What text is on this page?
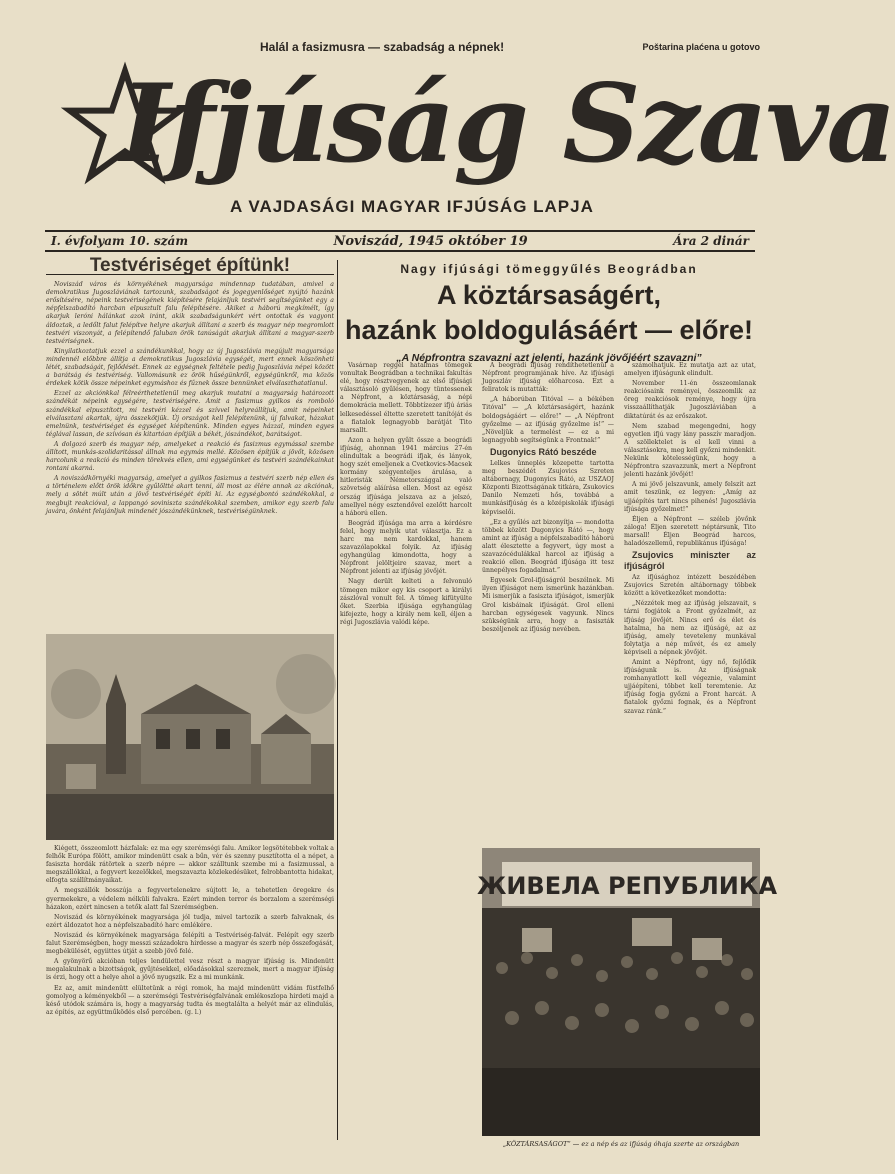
Halál a fasizmusra — szabadság a népnek!	Poštarina plaćena u gotovo
Ifjúság Szava
A VAJDASÁGI MAGYAR IFJÚSÁG LAPJA
I. évfolyam 10. szám	Noviszád, 1945 október 19	Ára 2 dinár
Testvériséget építünk!

Noviszád város és környékének magyarsága mindennap tudatában, amivel a demokratikus Jugoszláviának tartozunk, szabadságot és jogegyenlőséget nyújtó hazánk erősítésére, népeink testvériségének kiépítésére felajánljuk testvéri segítségünket egy a népfelszabadító harcban elpusztult falu felépítésére. Akiket a háború megkímélt, így akarjuk leróni hálánkat azok iránt, akik szabadságunkért vért ontottak és vagyont áldoztak, a ledőlt falut felépítve helyre akarjuk állítani a szerb és magyar nép megromlott testvéri viszonyát, a felépítendő faluban örök tanúságát akarjuk állítani a magyar-szerb testvériségnek.

Kinyilatkoztatjuk ezzel a szándékunkkal, hogy az új Jugoszlávia megújult magyarsága mindennél előbbre állítja a demokratikus Jugoszlávia egységét, mert ennek köszönheti létét, szabadságát, fejlődését. Ennek az egységnek feltétele pedig Jugoszlávia népei között a barátság és testvériség. Vallomásunk ez örök hűségünkről, egységünkről, ma közös érdekek kötik össze népeinket egymáshoz és fűznek össze bennünket elválaszthatatlanul.

Ezzel az akciónkkal félreérthetetlenül meg akarjuk mutatni a magyarság határozott szándékát népeink egységére, testvériségére. Amit a fasizmus gyilkos és romboló szándékkal elpusztított, mi testvéri kézzel és szívvel helyreállítjuk, amit népeinket elválasztani akartak, újra összekötjük. Új országot kell felépítenünk, új falvakat, házakat emelnünk, testvériséget és egységet kiépítenünk. Minden egyes házzal, minden egyes téglával lassan, de szívósan és kitartóan építjük a békét, jószándékot, barátságot.

A dolgozó szerb és magyar nép, amelyeket a reakció és fasizmus egymással szembe állított, munkás-szolidaritással állnak ma egymás mellé. Közösen építjük a jövőt, közösen harcolunk a reakció és minden törekvés ellen, ami egységünket és testvéri szándékainkat rontani akarná.

A noviszádkörnyéki magyarság, amelyet a gyilkos fasizmus a testvéri szerb nép ellen és a történelem előtt örök időkre gyűlöltté akart tenni, áll most az élére annak az akciónak, mely a sötét múlt után a jövő testvériségét építi ki. Az egységbontó szándékokkal, a megbujt reakcióval, a lappangó soviniszta szándékokkal szemben, amikor egy szerb falu javára, önként felajánljuk mindenét jószándékünknek, testvériségünknek.

Kiégett, összeomlott házfalak: ez ma egy szerémségi falu. Amikor legsötétebbek voltak a felhők Európa fölött, amikor mindenütt csak a bűn, vér és szenny pusztította el a népet, a fasiszta hordák rátörtek a szerb népre — akkor szálltunk szembe mi a fasizmussal, a megszállókkal, a fegyvert kezelőkkel, megszavazta közlekedésüket, felrobbantotta hidakat, elfogta szállítmányaikat.

A megszállók bosszúja a fegyvertelenekre sújtott le, a tehetetlen öregekre és gyermekekre, a védelem nélküli falvakra. Ezért minden terror és borzalom a szerémségi házakon, ezért nincsen a tetők alatt fal Szerémségben.

Noviszád és környékének magyarsága jól tudja, mivel tartozik a szerb falvaknak, és ezért áldozatot hoz a népfelszabadító harc emlékére.

Noviszád és környékének magyarsága felépíti a Testvériség-falvát. Felépít egy szerb falut Szerémségben, hogy messzi századokra hirdesse a magyar és szerb nép összefogását, megbékülését, egyiittes útját a szebb jövő felé.

A gyönyörű akcióban teljes lendülettel vesz részt a magyar ifjúság is. Mindenütt megalakulnak a bizottságok, gyűjtésekkel, előadásokkal szereznek, mert a magyar ifjúság is érzi, hogy ott a helye ahol a jövő nyugszik. Ez a mi munkánk.

Ez az, amit mindenütt elültetünk a régi romok, ha majd mindenütt vidám füstfelhő gomolyog a kéményekből — a szerémségi Testvériségfalvának emlékoszlopa hirdeti majd a késő utódok számára is, hogy a magyarság tudta és megtalálta a helyét már az elindulás, az építés, az együttműködés első percében. (g. l.)

Nagy ifjúsági tömeggyűlés Beográdban
A köztársaságért,
hazánk boldogulásáért — előre!
„A Népfrontra szavazni azt jelenti, hazánk jövőjéért szavazni”

Vasárnap reggel hatalmas tömegek vonultak Beográdban a technikai fakultás elé, hogy résztvegyenek az első ifjúsági választásoló gyűlésen, hogy tüntessenek a Népfront, a köztársaság, a népi demokrácia mellett. Többtízezer ifjú áriás lelkesedéssel éltette szeretett tanítóját és a fiatalok legnagyobb barátját Tito marsallt.

Azon a helyen gyűlt össze a beográdi ifjúság, ahonnan 1941 március 27-én elindultak a beográdi ifjak, és lányok, hogy szét emeljenek a Cvetkovics-Macsek kormány szégyenteljes árulása, a hitleristák Németországgal való szövetség aláírása ellen. Most az egész ország ifjúsága jelszava az a jelszó, amellyel négy esztendővel ezelőtt harcolt a háború ellen.

Beográd ifjúsága ma arra a kérdésre felel, hogy melyik utat választja. Ez a harc ma nem kardokkal, hanem szavazólapokkal folyik. Az ifjúság egyhangúlag kimondotta, hogy a Népfront jelöltjeire szavaz, mert a Népfront jelenti az ifjúság jövőjét.

Nagy derült kelteti a felvonuló tömegen mikor egy kis csoport a királyi zászlóval vonult fel. A tömeg kifütyülte őket. Szerbia ifjúsága egyhangúlag kifejezte, hogy a király nem kell, éljen a régi Jugoszlávia valódi képe.

A beográdi ifjúság rendíthetetlenül a Népfront programjának híve. Az ifjúsági Jugoszláv ifjúság előharcosa. Ezt a feliratok is mutatták:

„A háborúban Titóval — a békében Titóval” — „A köztársaságért, hazánk boldogságáért — előre!” — „A Népfront győzelme — az ifjúság győzelme is!” — „Növeljük a termelést — ez a mi legnagyobb segítségünk a Frontnak!”

Dugonyics Rátó beszéde

Lelkes ünneplés közepette tartotta meg beszédét Zsujovics Szreten altábornagy, Dugonyics Rátó, az USZAOJ Központi Bizottságának titkára, Zsukovics Danilo Nemzeti hős, továbbá a munkásifjúság és a középiskolák ifjúsági képviselői.

„Ez a gyűlés azt bizonyítja — mondotta többek között Dugonyics Rátó —, hogy amint az ifjúság a népfelszabadító háború alatt élesztette a fegyvert, úgy most a szavazócédulákkal harcol az ifjúság a reakció ellen. Beográd ifjúsága itt tesz ünnepélyes fogadalmat.”

Egyesek Grol-ifjúságról beszélnek. Mi ilyen ifjúságot nem ismerünk hazánkban. Mi ismerjük a fasiszta ifjúságot, ismerjük Grol kisbáinak ifjúságát. Grol elleni harcban egységesek vagyunk. Nincs szükségünk arra, hogy a fasiszták beszéljenek az ifjúság nevében.

számolhatjuk. Ez mutatja azt az utat, amelyen ifjúságunk elindult.

November 11-én összeomlanak reakciósaink reményei, összeomlik az öreg reakciósok reménye, hogy újra visszaállíthatják Jugoszláviában a diktatúrát és az erőszakot.

Nem szabad megengedni, hogy egyetlen ifjú vagy lány passzív maradjon. A szöllektelet is el kell vinni a választásokra, meg kell győzni mindenkit. Nekünk kötelességünk, hogy a Népfrontra szavazzunk, mert a Népfront jelenti hazánk jövőjét!

A mi jövő jelszavunk, amely felszít azt amit teszünk, ez legyen: „Amíg az ujjáépítés tart nincs pihenés! Jugoszlávia ifjúsága győzelmet!”

Éljen a Népfront — széleb jövőnk záloga! Éljen szeretett néptársunk, Tito marsall! Éljen Beográd harcos, haladószellemű, republikánus ifjúsága!

Zsujovics miniszter az ifjúságról

Az ifjúsághoz intézett beszédében Zsujovics Szretén altábornagy többek között a következőket mondotta:

„Nézzétek meg az ifjúság jelszavait, s tárni fogjátok a Front győzelmét, az ifjúság jövőjét. Nincs erő és élet és hatalma, ha nem az ifjúságé, az az ifjúság, amely teveteleny munkával folytatja a nép művét, és ez amely képviseli a népnek jövőjét.

Amint a Népfront, úgy nő, fejlődik ifjúságunk is. Az ifjúságnak romhanyatlott kell végeznie, valamint ujjáépíteni, többet kell teremtenie. Az ifjúság fogja győzni a Front harcát. A fiatalok győzni fognak, és a Népfront szavaz ránk.”

ЖИВЕЛА РЕПУБЛИКА
„KÖZTÁRSASÁGOT” — ez a nép és az ifjúság óhaja szerte az országban
